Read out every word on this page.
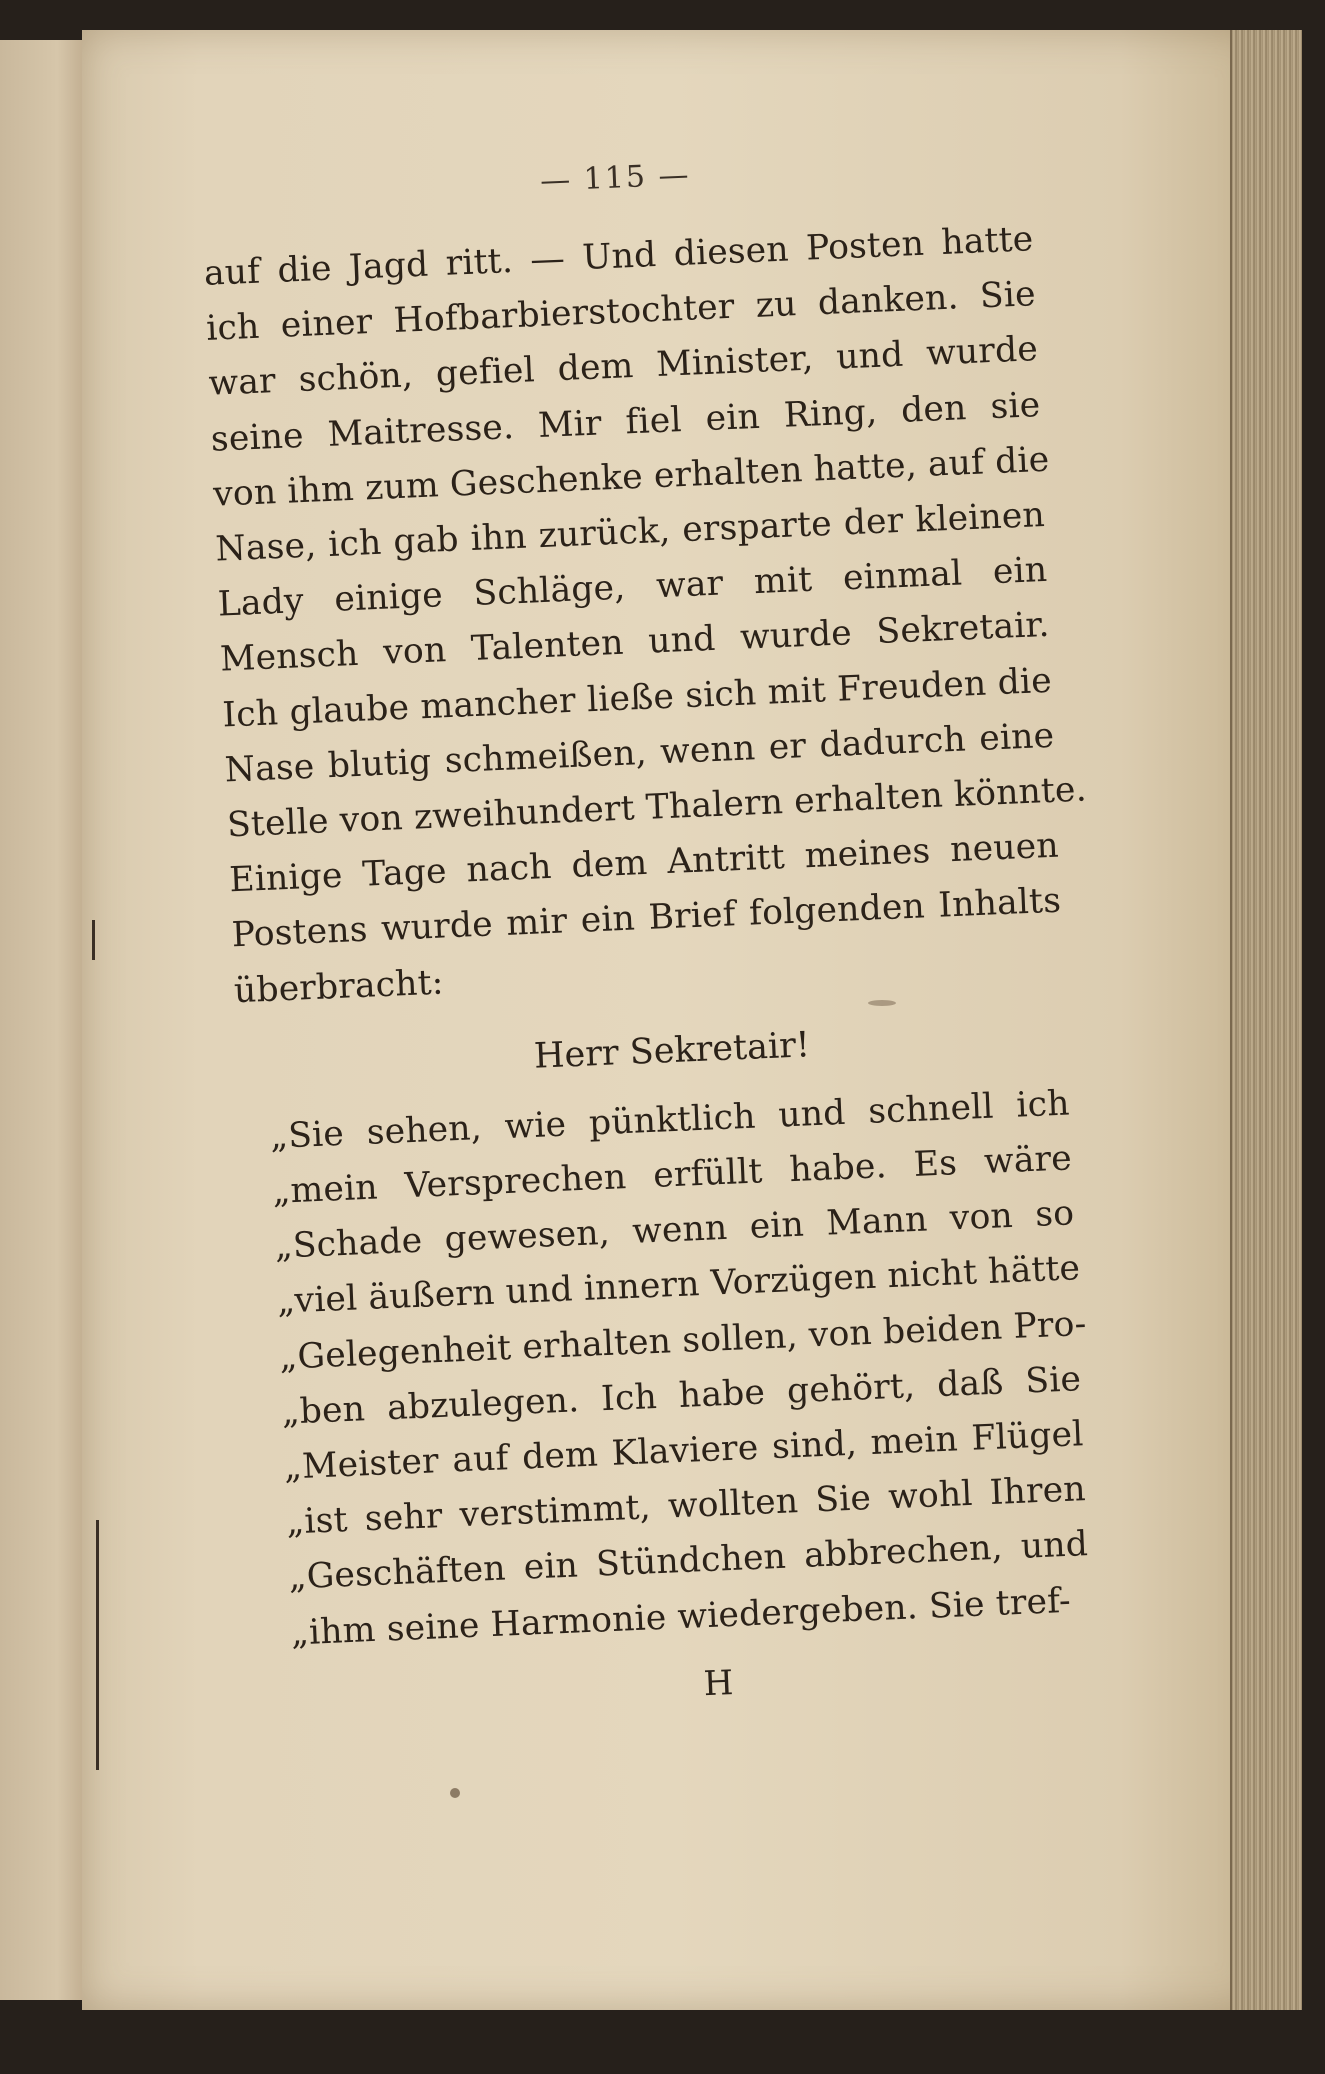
— 115 —
auf die Jagd ritt. — Und diesen Posten hatte
ich einer Hofbarbierstochter zu danken. Sie
war schön, gefiel dem Minister, und wurde
seine Maitresse. Mir fiel ein Ring, den sie
von ihm zum Geschenke erhalten hatte, auf die
Nase, ich gab ihn zurück, ersparte der kleinen
Lady einige Schläge, war mit einmal ein
Mensch von Talenten und wurde Sekretair.
Ich glaube mancher ließe sich mit Freuden die
Nase blutig schmeißen, wenn er dadurch eine
Stelle von zweihundert Thalern erhalten könnte.
Einige Tage nach dem Antritt meines neuen
Postens wurde mir ein Brief folgenden Inhalts
überbracht:
Herr Sekretair!
„Sie sehen, wie pünktlich und schnell ich
„mein Versprechen erfüllt habe. Es wäre
„Schade gewesen, wenn ein Mann von so
„viel äußern und innern Vorzügen nicht hätte
„Gelegenheit erhalten sollen, von beiden Pro-
„ben abzulegen. Ich habe gehört, daß Sie
„Meister auf dem Klaviere sind, mein Flügel
„ist sehr verstimmt, wollten Sie wohl Ihren
„Geschäften ein Stündchen abbrechen, und
„ihm seine Harmonie wiedergeben. Sie tref-
H
